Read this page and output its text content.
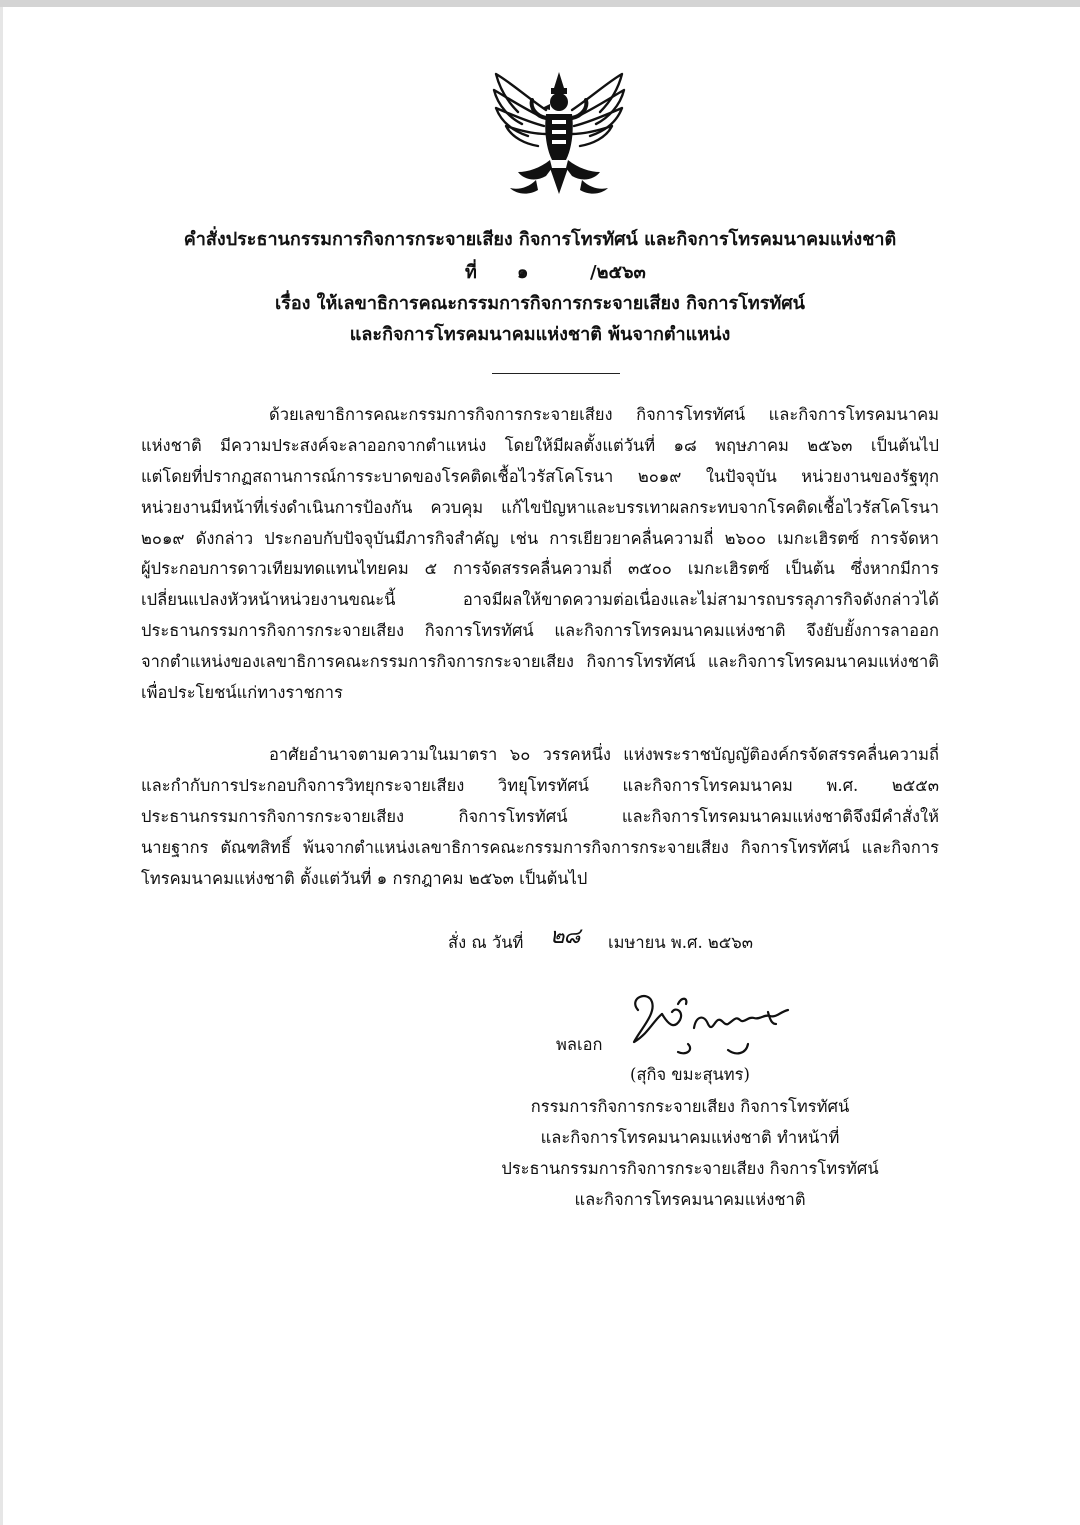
คำสั่งประธานกรรมการกิจการกระจายเสียง กิจการโทรทัศน์ และกิจการโทรคมนาคมแห่งชาติ
ที่ ๑	/๒๕๖๓
เรื่อง ให้เลขาธิการคณะกรรมการกิจการกระจายเสียง กิจการโทรทัศน์
และกิจการโทรคมนาคมแห่งชาติ พ้นจากตำแหน่ง
ด้วยเลขาธิการคณะกรรมการกิจการกระจายเสียง กิจการโทรทัศน์ และกิจการโทรคมนาคม
แห่งชาติ มีความประสงค์จะลาออกจากตำแหน่ง โดยให้มีผลตั้งแต่วันที่ ๑๘ พฤษภาคม ๒๕๖๓ เป็นต้นไป
แต่โดยที่ปรากฏสถานการณ์การระบาดของโรคติดเชื้อไวรัสโคโรนา ๒๐๑๙ ในปัจจุบัน หน่วยงานของรัฐทุก
หน่วยงานมีหน้าที่เร่งดำเนินการป้องกัน ควบคุม แก้ไขปัญหาและบรรเทาผลกระทบจากโรคติดเชื้อไวรัสโคโรนา
๒๐๑๙ ดังกล่าว ประกอบกับปัจจุบันมีภารกิจสำคัญ เช่น การเยียวยาคลื่นความถี่ ๒๖๐๐ เมกะเฮิรตซ์ การจัดหา
ผู้ประกอบการดาวเทียมทดแทนไทยคม ๕ การจัดสรรคลื่นความถี่ ๓๕๐๐ เมกะเฮิรตซ์ เป็นต้น ซึ่งหากมีการ
เปลี่ยนแปลงหัวหน้าหน่วยงานขณะนี้ อาจมีผลให้ขาดความต่อเนื่องและไม่สามารถบรรลุภารกิจดังกล่าวได้
ประธานกรรมการกิจการกระจายเสียง กิจการโทรทัศน์ และกิจการโทรคมนาคมแห่งชาติ จึงยับยั้งการลาออก
จากตำแหน่งของเลขาธิการคณะกรรมการกิจการกระจายเสียง กิจการโทรทัศน์ และกิจการโทรคมนาคมแห่งชาติ
เพื่อประโยชน์แก่ทางราชการ
อาศัยอำนาจตามความในมาตรา ๖๐ วรรคหนึ่ง แห่งพระราชบัญญัติองค์กรจัดสรรคลื่นความถี่
และกำกับการประกอบกิจการวิทยุกระจายเสียง วิทยุโทรทัศน์ และกิจการโทรคมนาคม พ.ศ. ๒๕๕๓
ประธานกรรมการกิจการกระจายเสียง กิจการโทรทัศน์ และกิจการโทรคมนาคมแห่งชาติจึงมีคำสั่งให้
นายฐากร ตัณฑสิทธิ์ พ้นจากตำแหน่งเลขาธิการคณะกรรมการกิจการกระจายเสียง กิจการโทรทัศน์ และกิจการ
โทรคมนาคมแห่งชาติ ตั้งแต่วันที่ ๑ กรกฎาคม ๒๕๖๓ เป็นต้นไป
สั่ง ณ วันที่ ๒๘ เมษายน พ.ศ. ๒๕๖๓
พลเอก
(สุกิจ ขมะสุนทร)
กรรมการกิจการกระจายเสียง กิจการโทรทัศน์
และกิจการโทรคมนาคมแห่งชาติ ทำหน้าที่
ประธานกรรมการกิจการกระจายเสียง กิจการโทรทัศน์
และกิจการโทรคมนาคมแห่งชาติ
